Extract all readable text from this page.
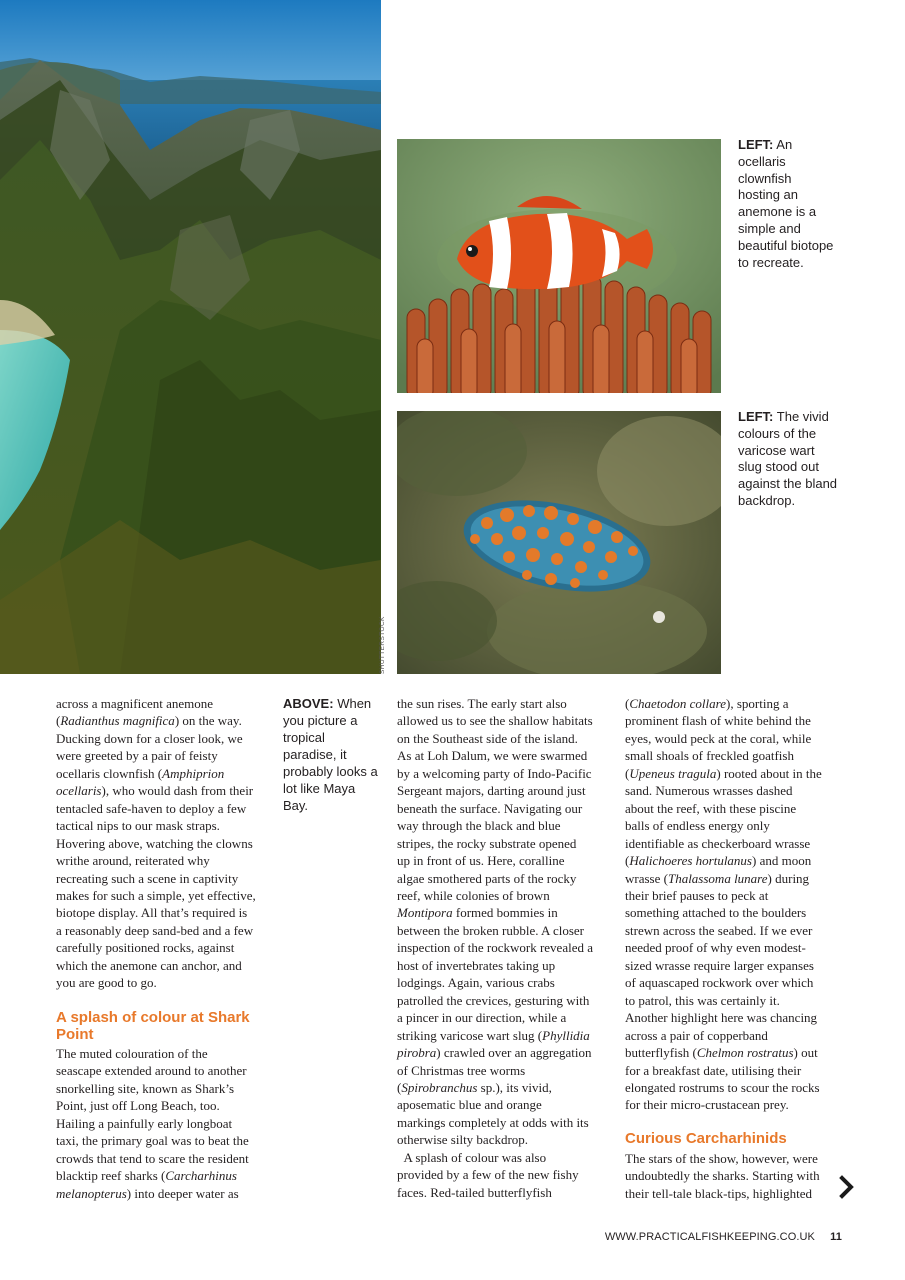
SHUTTERSTOCK
LEFT: An ocellaris clownfish hosting an anemone is a simple and beautiful biotope to recreate.
LEFT: The vivid colours of the varicose wart slug stood out against the bland backdrop.

across a magnificent anemone
(Radianthus magnifica) on the way.
Ducking down for a closer look, we
were greeted by a pair of feisty
ocellaris clownfish (Amphiprion
ocellaris), who would dash from their
tentacled safe-haven to deploy a few
tactical nips to our mask straps.
Hovering above, watching the clowns
writhe around, reiterated why
recreating such a scene in captivity
makes for such a simple, yet effective,
biotope display. All that’s required is
a reasonably deep sand-bed and a few
carefully positioned rocks, against
which the anemone can anchor, and
you are good to go.

A splash of colour at Shark Point

The muted colouration of the
seascape extended around to another
snorkelling site, known as Shark’s
Point, just off Long Beach, too.
Hailing a painfully early longboat
taxi, the primary goal was to beat the
crowds that tend to scare the resident
blacktip reef sharks (Carcharhinus
melanopterus) into deeper water as

ABOVE: When you picture a tropical paradise, it probably looks a lot like Maya Bay.

the sun rises. The early start also
allowed us to see the shallow habitats
on the Southeast side of the island.
As at Loh Dalum, we were swarmed
by a welcoming party of Indo-Pacific
Sergeant majors, darting around just
beneath the surface. Navigating our
way through the black and blue
stripes, the rocky substrate opened
up in front of us. Here, coralline
algae smothered parts of the rocky
reef, while colonies of brown
Montipora formed bommies in
between the broken rubble. A closer
inspection of the rockwork revealed a
host of invertebrates taking up
lodgings. Again, various crabs
patrolled the crevices, gesturing with
a pincer in our direction, while a
striking varicose wart slug (Phyllidia
pirobra) crawled over an aggregation
of Christmas tree worms
(Spirobranchus sp.), its vivid,
aposematic blue and orange
markings completely at odds with its
otherwise silty backdrop.
A splash of colour was also
provided by a few of the new fishy
faces. Red-tailed butterflyfish

(Chaetodon collare), sporting a
prominent flash of white behind the
eyes, would peck at the coral, while
small shoals of freckled goatfish
(Upeneus tragula) rooted about in the
sand. Numerous wrasses dashed
about the reef, with these piscine
balls of endless energy only
identifiable as checkerboard wrasse
(Halichoeres hortulanus) and moon
wrasse (Thalassoma lunare) during
their brief pauses to peck at
something attached to the boulders
strewn across the seabed. If we ever
needed proof of why even modest-
sized wrasse require larger expanses
of aquascaped rockwork over which
to patrol, this was certainly it.
Another highlight here was chancing
across a pair of copperband
butterflyfish (Chelmon rostratus) out
for a breakfast date, utilising their
elongated rostrums to scour the rocks
for their micro-crustacean prey.

Curious Carcharhinids

The stars of the show, however, were
undoubtedly the sharks. Starting with
their tell-tale black-tips, highlighted

WWW.PRACTICALFISHKEEPING.CO.UK 11
